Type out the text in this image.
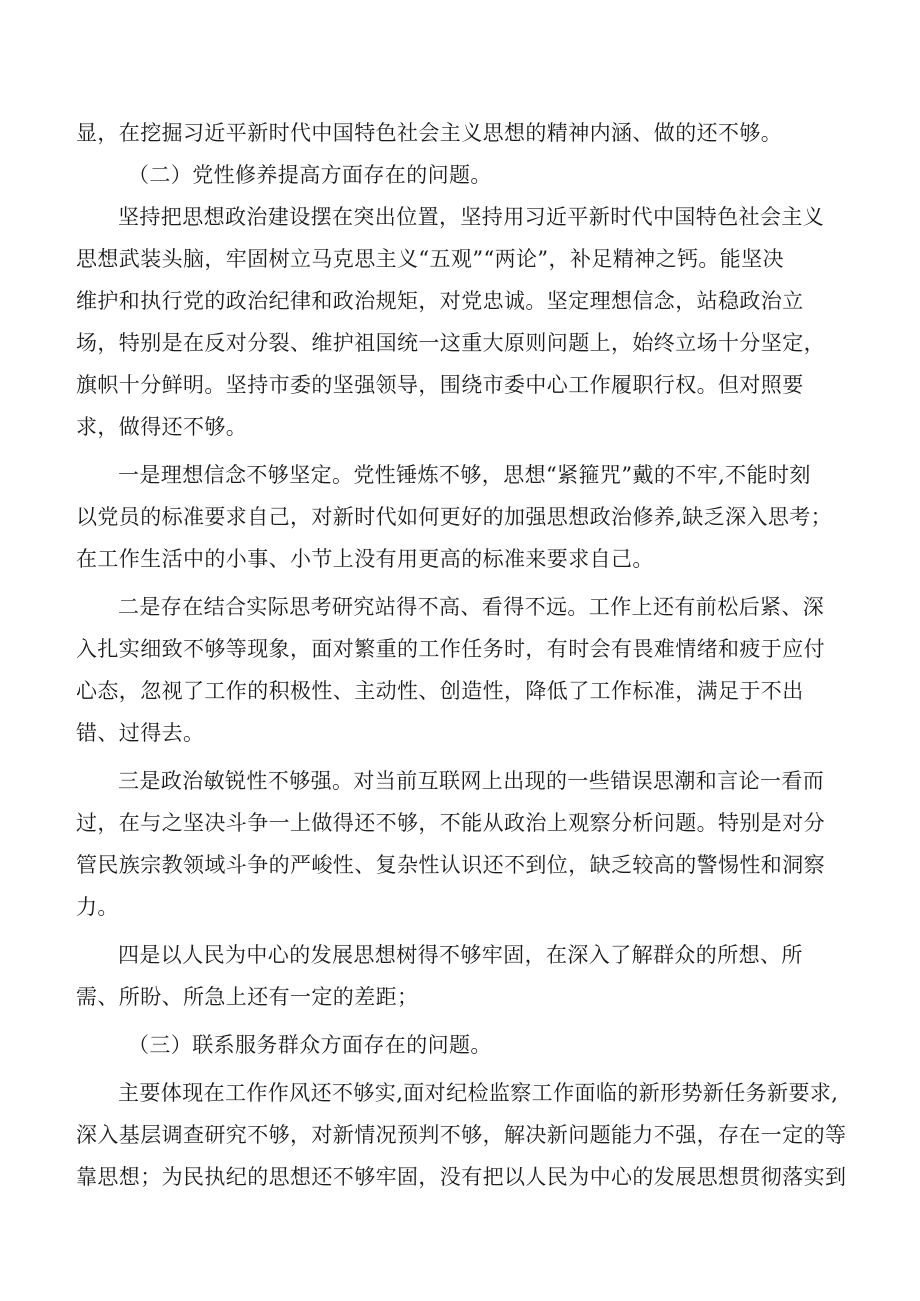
显，在挖掘习近平新时代中国特色社会主义思想的精神内涵、做的还不够。
（二）党性修养提高方面存在的问题。
坚持把思想政治建设摆在突出位置，坚持用习近平新时代中国特色社会主义
思想武装头脑，牢固树立马克思主义“五观”“两论”，补足精神之钙。能坚决
维护和执行党的政治纪律和政治规矩，对党忠诚。坚定理想信念，站稳政治立
场，特别是在反对分裂、维护祖国统一这重大原则问题上，始终立场十分坚定，
旗帜十分鲜明。坚持市委的坚强领导，围绕市委中心工作履职行权。但对照要
求，做得还不够。
一是理想信念不够坚定。党性锤炼不够，思想“紧箍咒”戴的不牢,不能时刻
以党员的标准要求自己，对新时代如何更好的加强思想政治修养,缺乏深入思考；
在工作生活中的小事、小节上没有用更高的标准来要求自己。
二是存在结合实际思考研究站得不高、看得不远。工作上还有前松后紧、深
入扎实细致不够等现象，面对繁重的工作任务时，有时会有畏难情绪和疲于应付
心态，忽视了工作的积极性、主动性、创造性，降低了工作标准，满足于不出
错、过得去。
三是政治敏锐性不够强。对当前互联网上出现的一些错误思潮和言论一看而
过，在与之坚决斗争一上做得还不够，不能从政治上观察分析问题。特别是对分
管民族宗教领域斗争的严峻性、复杂性认识还不到位，缺乏较高的警惕性和洞察
力。
四是以人民为中心的发展思想树得不够牢固，在深入了解群众的所想、所
需、所盼、所急上还有一定的差距；
（三）联系服务群众方面存在的问题。
主要体现在工作作风还不够实,面对纪检监察工作面临的新形势新任务新要求,
深入基层调查研究不够，对新情况预判不够，解决新问题能力不强，存在一定的等
靠思想；为民执纪的思想还不够牢固，没有把以人民为中心的发展思想贯彻落实到
